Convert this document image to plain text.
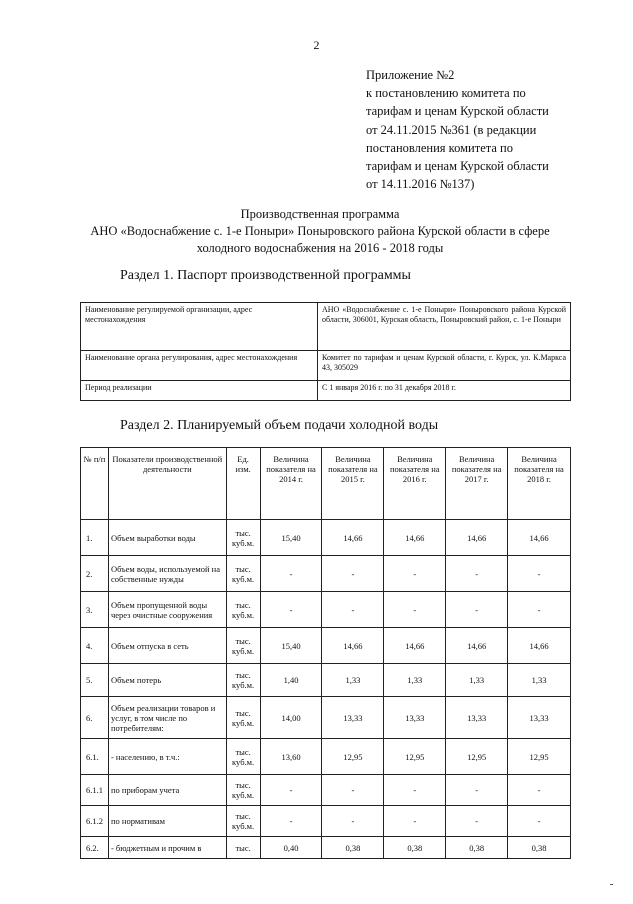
2
Приложение №2
к постановлению комитета по
тарифам и ценам Курской области
от 24.11.2015 №361 (в редакции
постановления комитета по
тарифам и ценам Курской области
от 14.11.2016 №137)
Производственная программа
АНО «Водоснабжение с. 1-е Поныри» Поныровского района Курской области в сфере
холодного водоснабжения на 2016 - 2018 годы
Раздел 1. Паспорт производственной программы
Наименование регулируемой организации, адрес местонахождения	АНО «Водоснабжение с. 1-е Поныри» Поныровского района Курской области, 306001, Курская область, Поныровский район, с. 1-е Поныри
Наименование органа регулирования, адрес местонахождения	Комитет по тарифам и ценам Курской области, г. Курск, ул. К.Маркса 43, 305029
Период реализации	С 1 января 2016 г. по 31 декабря 2018 г.
Раздел 2. Планируемый объем подачи холодной воды
№ п/п	Показатели производственной деятельности	Ед. изм.	Величина показателя на 2014 г.	Величина показателя на 2015 г.	Величина показателя на 2016 г.	Величина показателя на 2017 г.	Величина показателя на 2018 г.
1.	Объем выработки воды	тыс. куб.м.	15,40	14,66	14,66	14,66	14,66
2.	Объем воды, используемой на собственные нужды	тыс. куб.м.	-	-	-	-	-
3.	Объем пропущенной воды через очистные сооружения	тыс. куб.м.	-	-	-	-	-
4.	Объем отпуска в сеть	тыс. куб.м.	15,40	14,66	14,66	14,66	14,66
5.	Объем потерь	тыс. куб.м.	1,40	1,33	1,33	1,33	1,33
6.	Объем реализации товаров и услуг, в том числе по потребителям:	тыс. куб.м.	14,00	13,33	13,33	13,33	13,33
6.1.	- населению, в т.ч.:	тыс. куб.м.	13,60	12,95	12,95	12,95	12,95
6.1.1	по приборам учета	тыс. куб.м.	-	-	-	-	-
6.1.2	по нормативам	тыс. куб.м.	-	-	-	-	-
6.2.	- бюджетным и прочим в	тыс.	0,40	0,38	0,38	0,38	0,38
